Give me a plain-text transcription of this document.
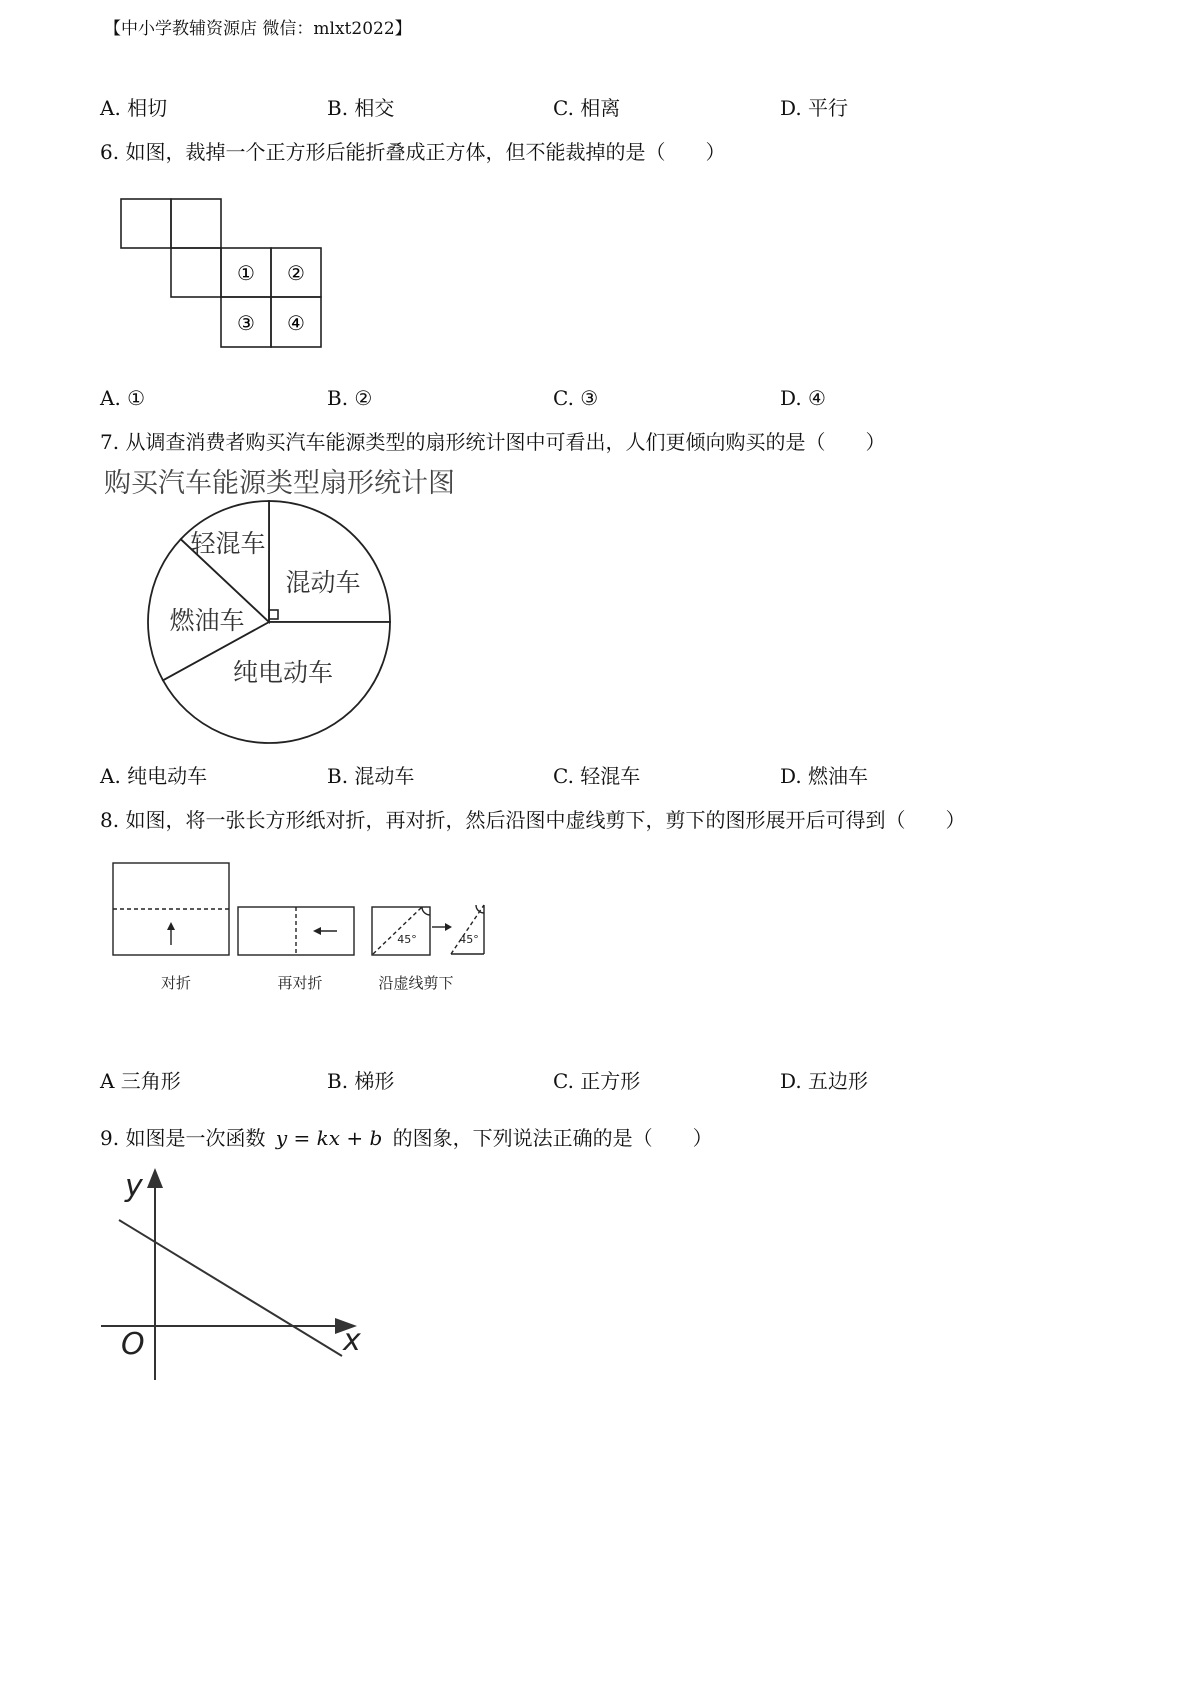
【中小学教辅资源店 微信：mlxt2022】
A. 相切	B. 相交	C. 相离	D. 平行
6. 如图，裁掉一个正方形后能折叠成正方体，但不能裁掉的是（　　）
① ②
③ ④
A. ①	B. ②	C. ③	D. ④
7. 从调查消费者购买汽车能源类型的扇形统计图中可看出，人们更倾向购买的是（　　）
购买汽车能源类型扇形统计图
混动车
纯电动车
燃油车
轻混车
A. 纯电动车	B. 混动车	C. 轻混车	D. 燃油车
8. 如图，将一张长方形纸对折，再对折，然后沿图中虚线剪下，剪下的图形展开后可得到（　　）
45°	45°
对折	再对折	沿虚线剪下
A 三角形	B. 梯形	C. 正方形	D. 五边形
9. 如图是一次函数 y = kx + b 的图象，下列说法正确的是（　　）
y
x
O
